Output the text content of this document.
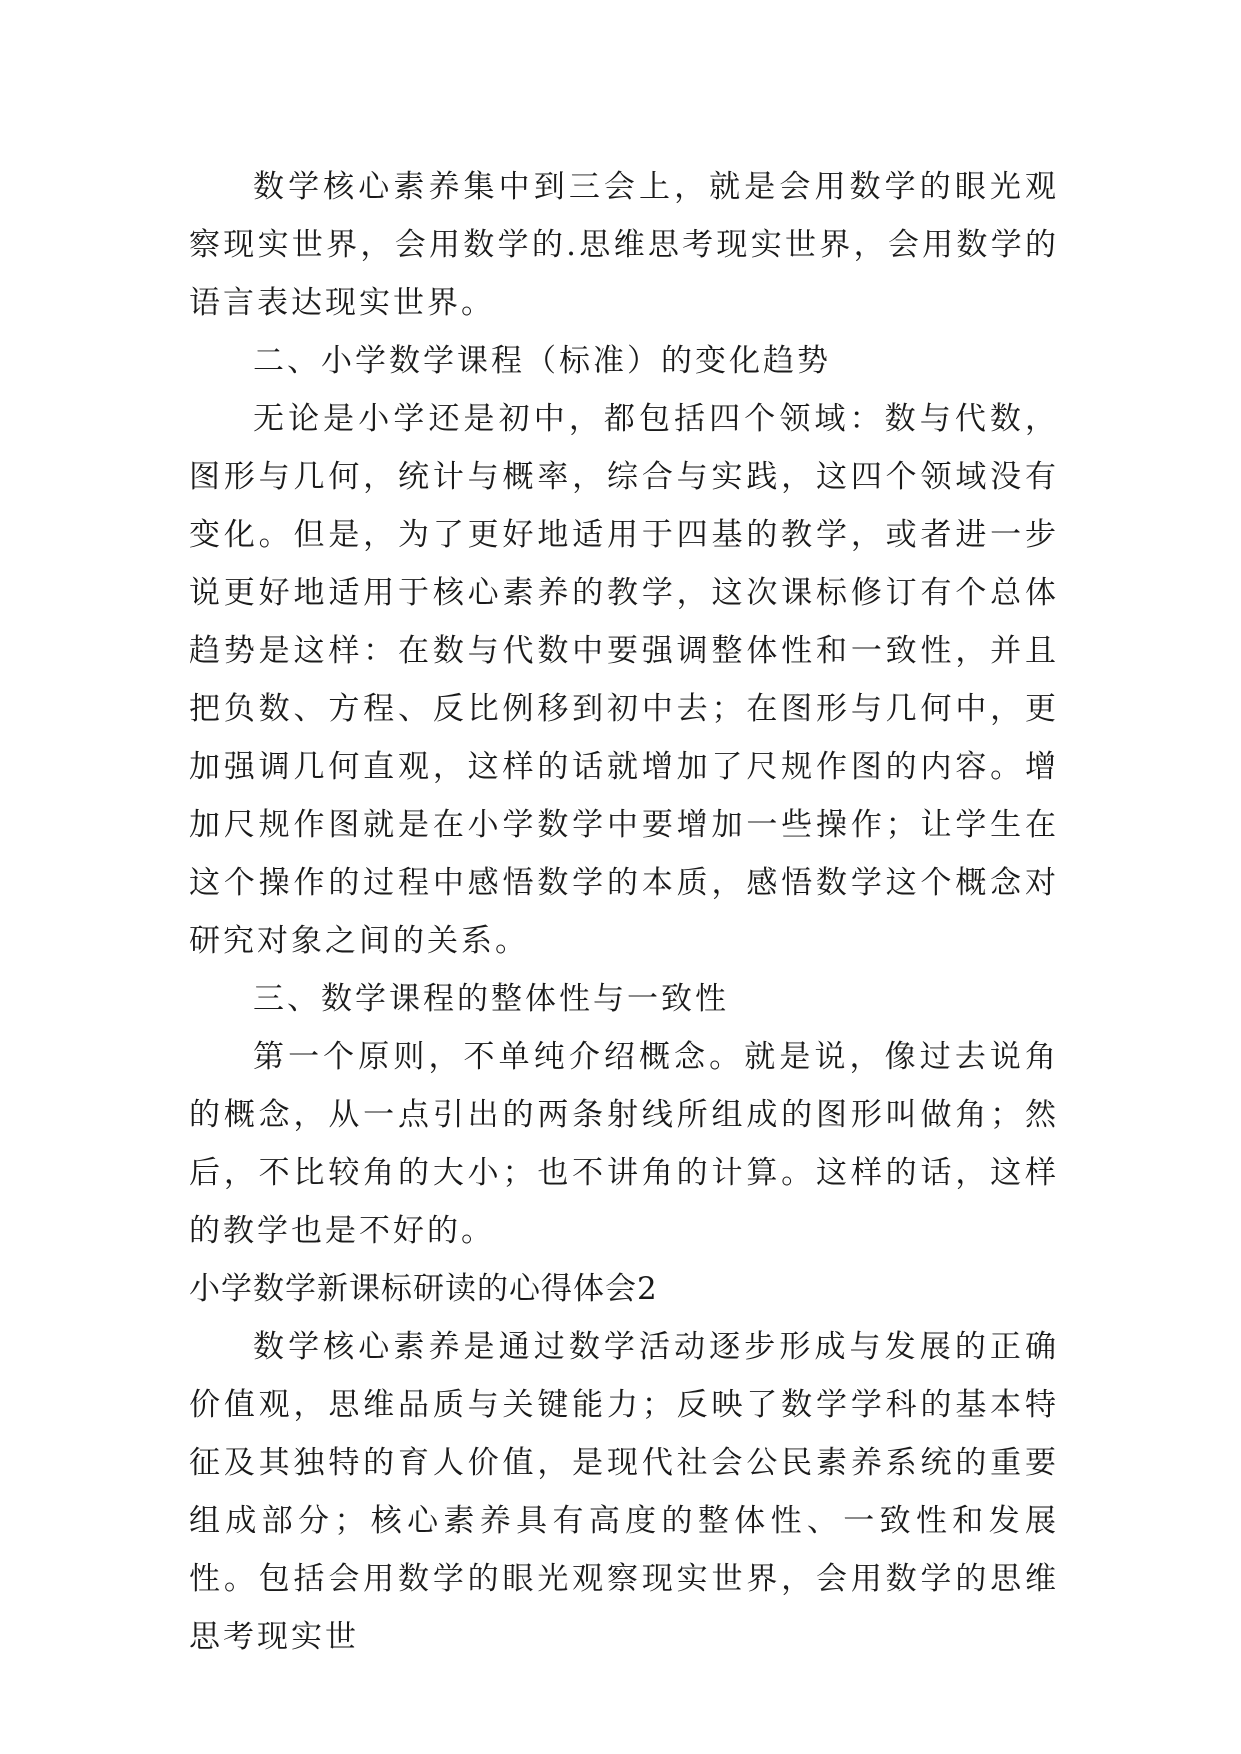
数学核心素养集中到三会上，就是会用数学的眼光观察现实世界，会用数学的.思维思考现实世界，会用数学的语言表达现实世界。

二、小学数学课程（标准）的变化趋势

无论是小学还是初中，都包括四个领域：数与代数，图形与几何，统计与概率，综合与实践，这四个领域没有变化。但是，为了更好地适用于四基的教学，或者进一步说更好地适用于核心素养的教学，这次课标修订有个总体趋势是这样：在数与代数中要强调整体性和一致性，并且把负数、方程、反比例移到初中去；在图形与几何中，更加强调几何直观，这样的话就增加了尺规作图的内容。增加尺规作图就是在小学数学中要增加一些操作；让学生在这个操作的过程中感悟数学的本质，感悟数学这个概念对研究对象之间的关系。

三、数学课程的整体性与一致性

第一个原则，不单纯介绍概念。就是说，像过去说角的概念，从一点引出的两条射线所组成的图形叫做角；然后，不比较角的大小；也不讲角的计算。这样的话，这样的教学也是不好的。

小学数学新课标研读的心得体会2

数学核心素养是通过数学活动逐步形成与发展的正确价值观，思维品质与关键能力；反映了数学学科的基本特征及其独特的育人价值，是现代社会公民素养系统的重要组成部分；核心素养具有高度的整体性、一致性和发展性。包括会用数学的眼光观察现实世界，会用数学的思维思考现实世
